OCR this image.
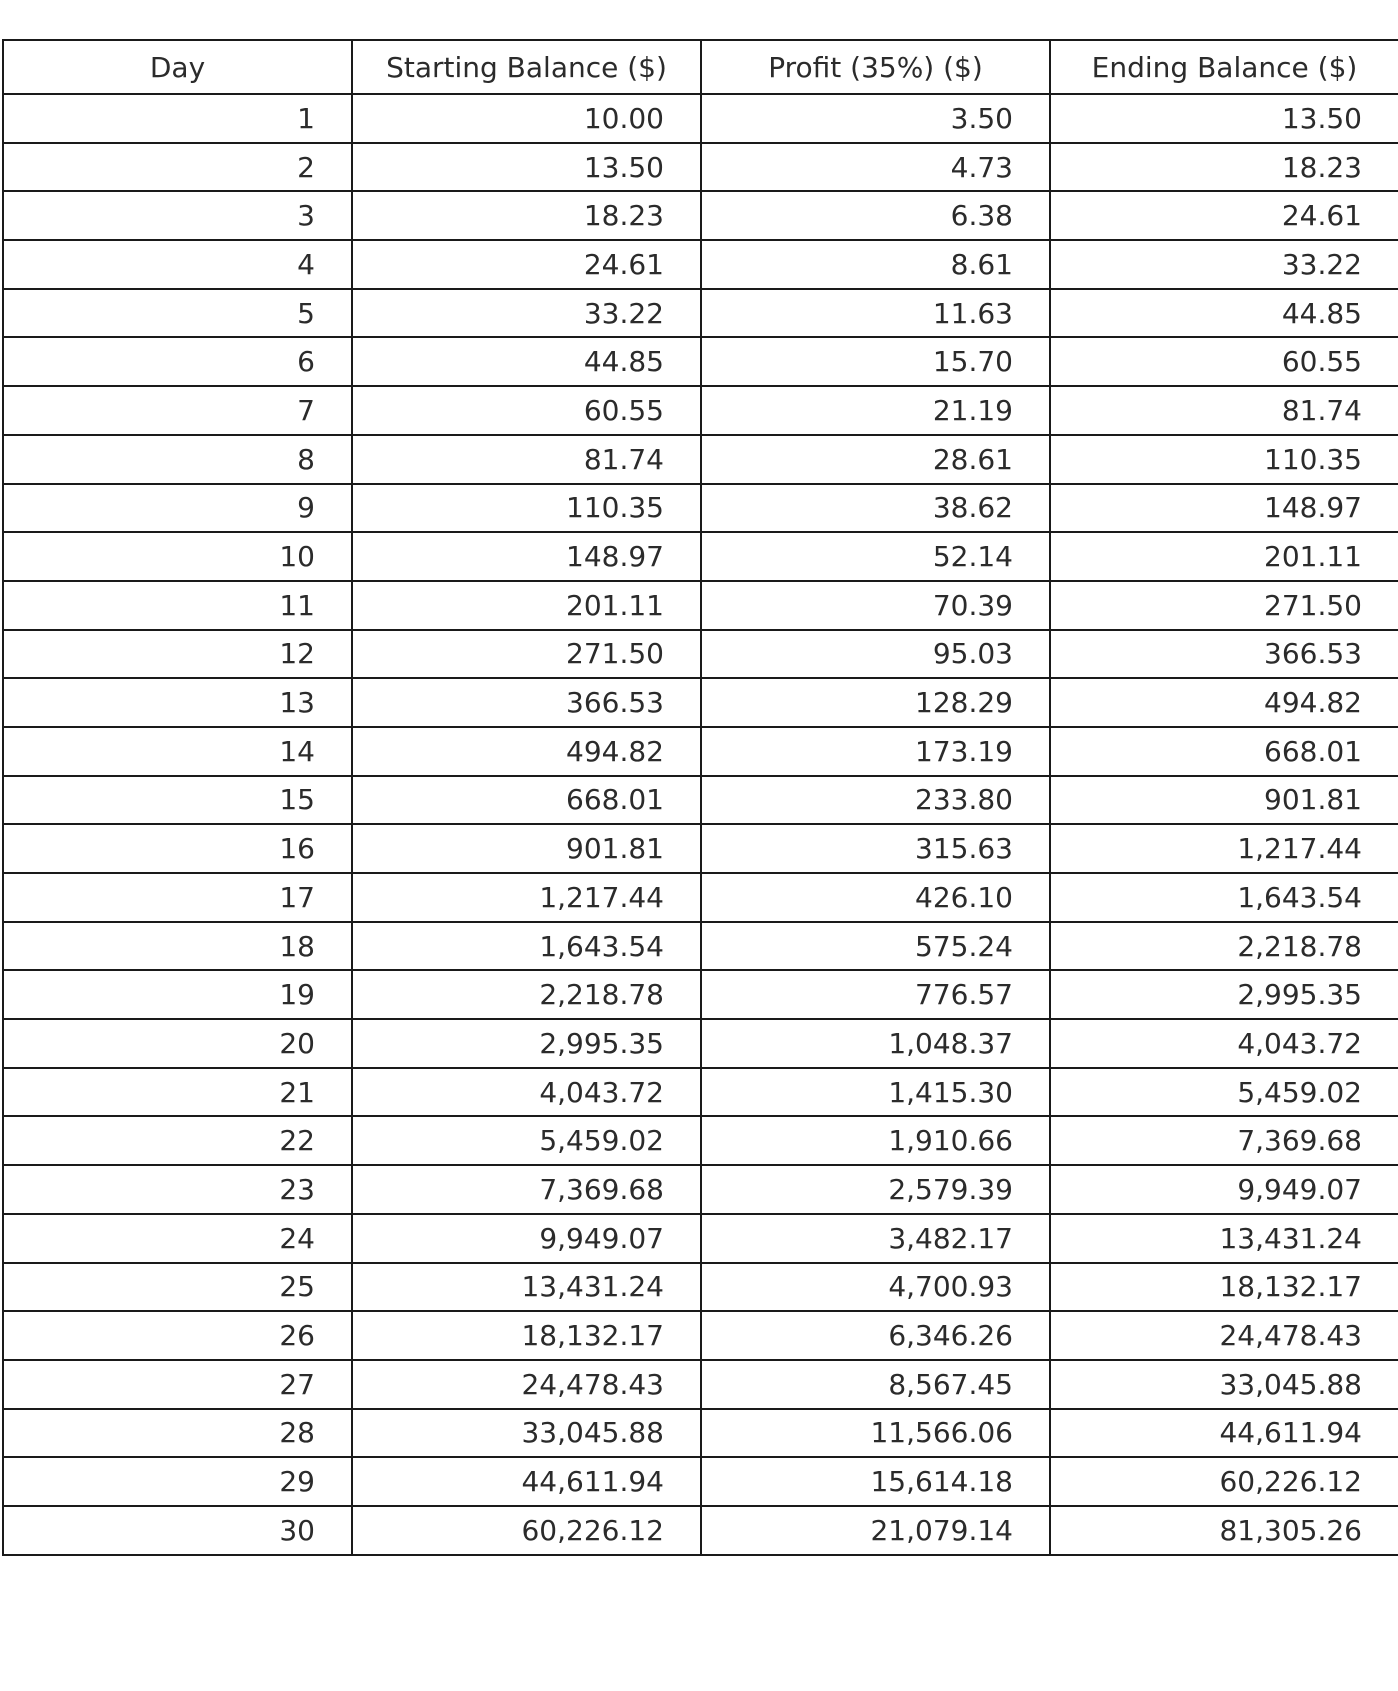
Day	Starting Balance ($)	Profit (35%) ($)	Ending Balance ($)
1	10.00	3.50	13.50
2	13.50	4.73	18.23
3	18.23	6.38	24.61
4	24.61	8.61	33.22
5	33.22	11.63	44.85
6	44.85	15.70	60.55
7	60.55	21.19	81.74
8	81.74	28.61	110.35
9	110.35	38.62	148.97
10	148.97	52.14	201.11
11	201.11	70.39	271.50
12	271.50	95.03	366.53
13	366.53	128.29	494.82
14	494.82	173.19	668.01
15	668.01	233.80	901.81
16	901.81	315.63	1,217.44
17	1,217.44	426.10	1,643.54
18	1,643.54	575.24	2,218.78
19	2,218.78	776.57	2,995.35
20	2,995.35	1,048.37	4,043.72
21	4,043.72	1,415.30	5,459.02
22	5,459.02	1,910.66	7,369.68
23	7,369.68	2,579.39	9,949.07
24	9,949.07	3,482.17	13,431.24
25	13,431.24	4,700.93	18,132.17
26	18,132.17	6,346.26	24,478.43
27	24,478.43	8,567.45	33,045.88
28	33,045.88	11,566.06	44,611.94
29	44,611.94	15,614.18	60,226.12
30	60,226.12	21,079.14	81,305.26
